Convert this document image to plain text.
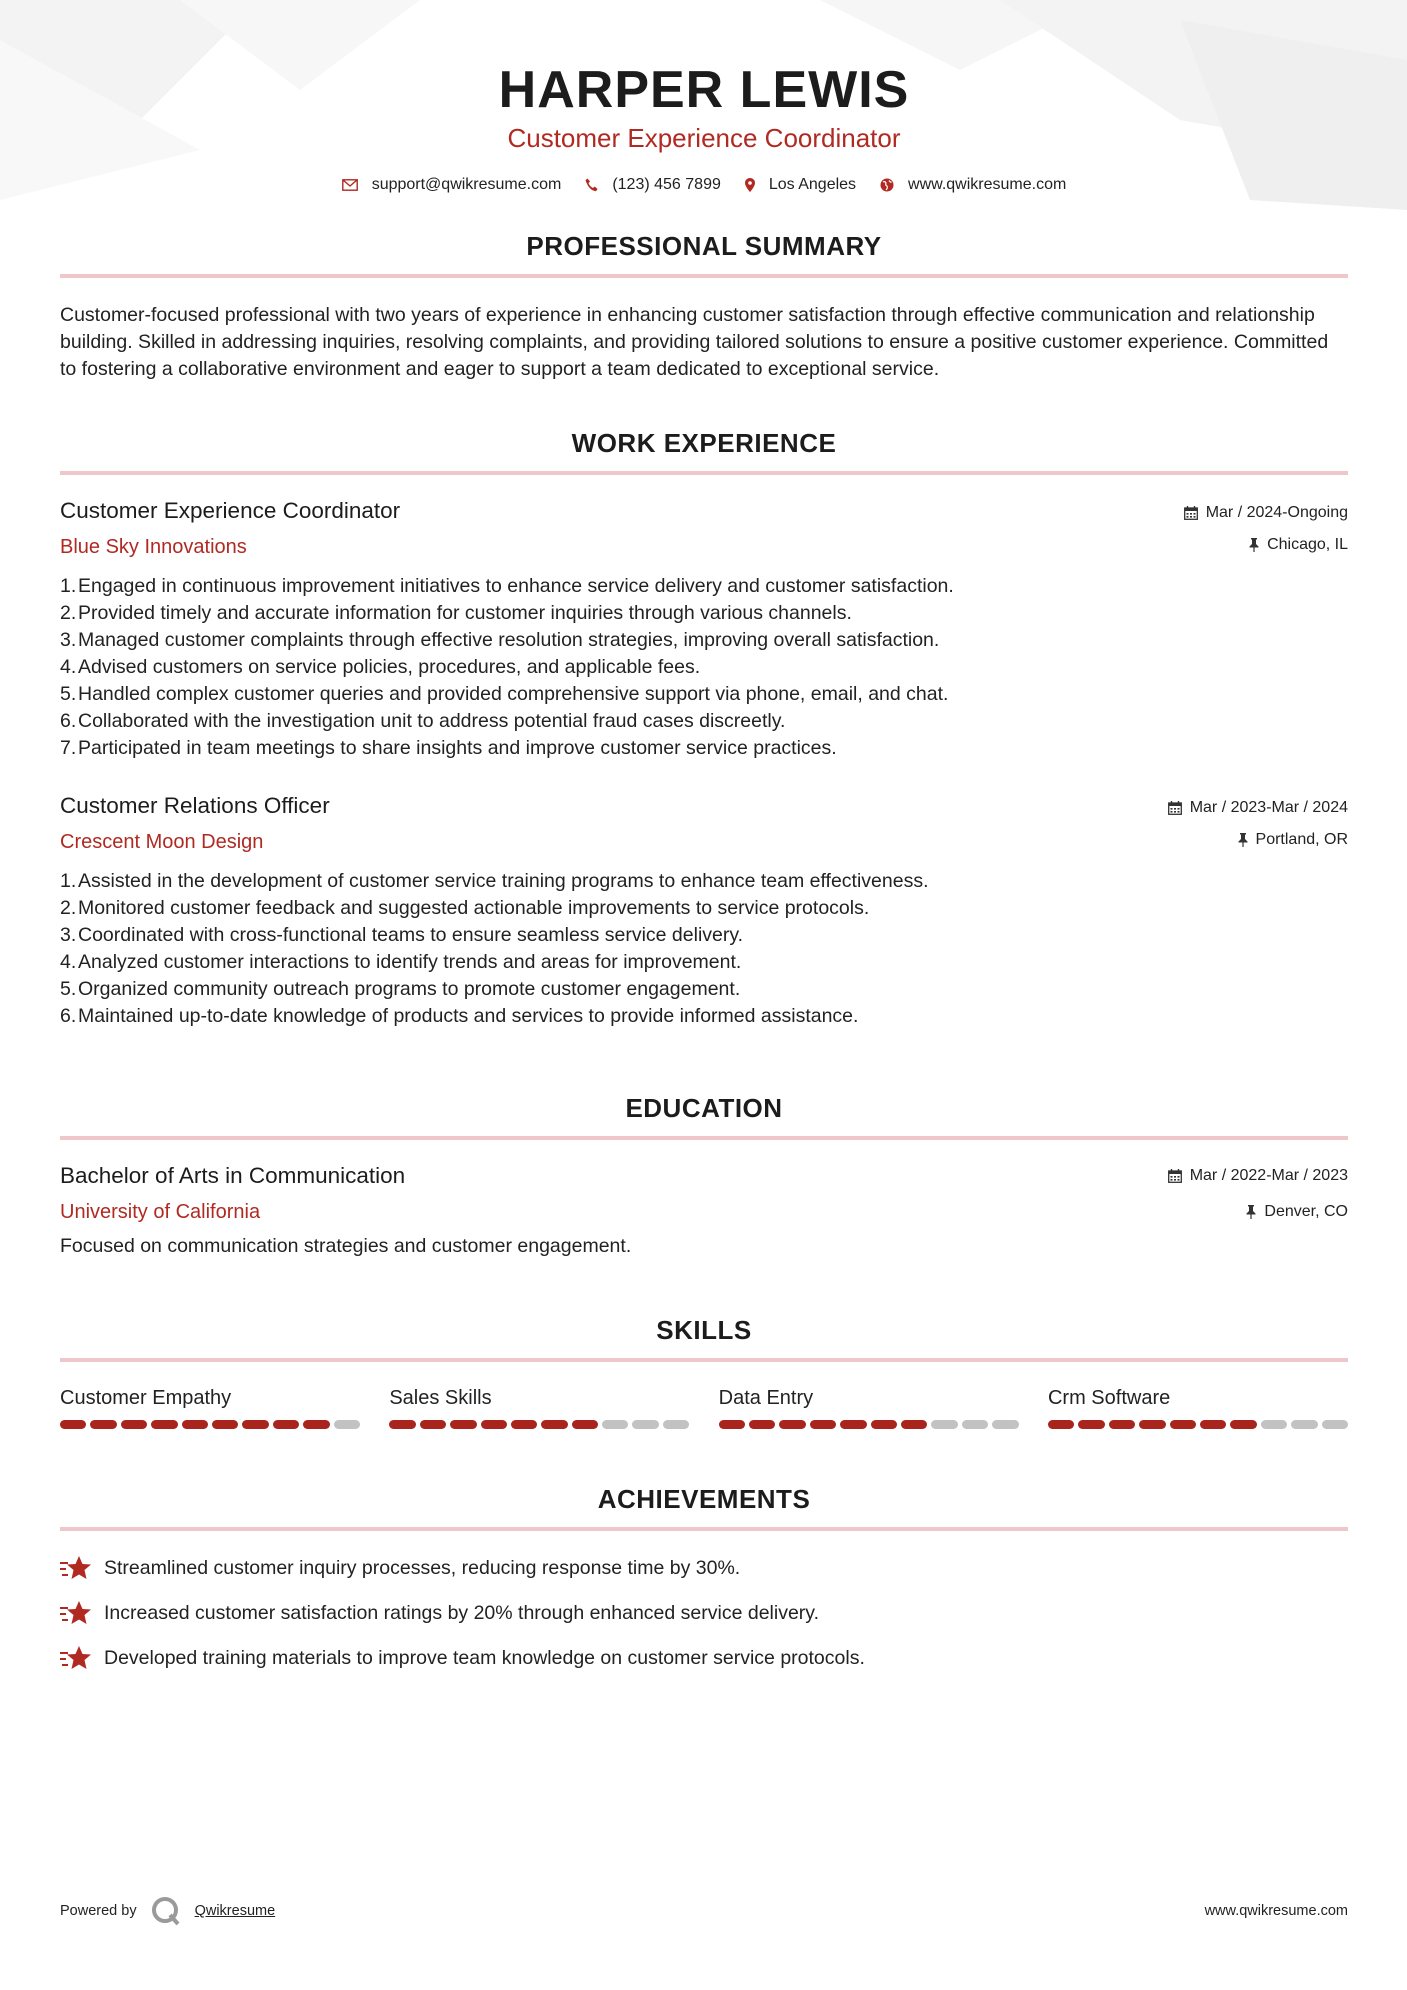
HARPER LEWIS
Customer Experience Coordinator
support@qwikresume.com	(123) 456 7899	Los Angeles	www.qwikresume.com
PROFESSIONAL SUMMARY

Customer-focused professional with two years of experience in enhancing customer satisfaction through effective communication and relationship building. Skilled in addressing inquiries, resolving complaints, and providing tailored solutions to ensure a positive customer experience. Committed to fostering a collaborative environment and eager to support a team dedicated to exceptional service.

WORK EXPERIENCE
Customer Experience Coordinator
Blue Sky Innovations
Mar / 2024-Ongoing
Chicago, IL
1. Engaged in continuous improvement initiatives to enhance service delivery and customer satisfaction.
2. Provided timely and accurate information for customer inquiries through various channels.
3. Managed customer complaints through effective resolution strategies, improving overall satisfaction.
4. Advised customers on service policies, procedures, and applicable fees.
5. Handled complex customer queries and provided comprehensive support via phone, email, and chat.
6. Collaborated with the investigation unit to address potential fraud cases discreetly.
7. Participated in team meetings to share insights and improve customer service practices.
Customer Relations Officer
Crescent Moon Design
Mar / 2023-Mar / 2024
Portland, OR
1. Assisted in the development of customer service training programs to enhance team effectiveness.
2. Monitored customer feedback and suggested actionable improvements to service protocols.
3. Coordinated with cross-functional teams to ensure seamless service delivery.
4. Analyzed customer interactions to identify trends and areas for improvement.
5. Organized community outreach programs to promote customer engagement.
6. Maintained up-to-date knowledge of products and services to provide informed assistance.
EDUCATION
Bachelor of Arts in Communication
University of California
Mar / 2022-Mar / 2023
Denver, CO

Focused on communication strategies and customer engagement.

SKILLS
Customer Empathy	Sales Skills	Data Entry	Crm Software
ACHIEVEMENTS
Streamlined customer inquiry processes, reducing response time by 30%.
Increased customer satisfaction ratings by 20% through enhanced service delivery.
Developed training materials to improve team knowledge on customer service protocols.
Powered by	Qwikresume	www.qwikresume.com
